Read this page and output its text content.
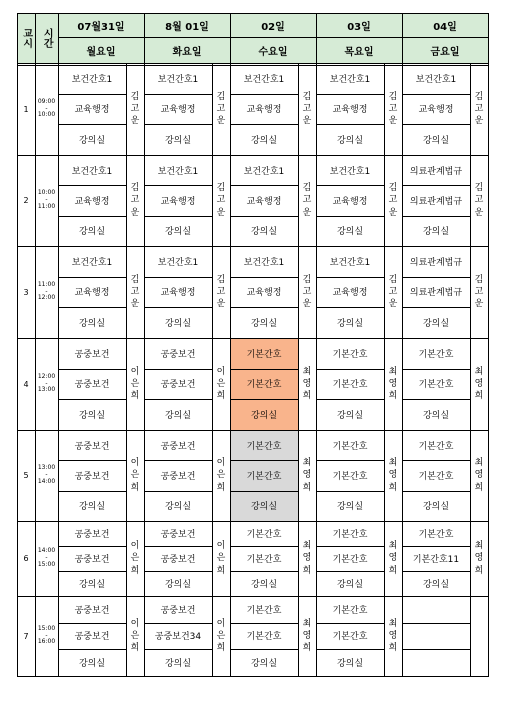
교시 시간
07월31일
월요일
8월 01일
화요일
02일
수요일
03일
목요일
04일
금요일
1
09:00
-
10:00
보건간호1
교육행정
강의실
김
고
운
보건간호1
교육행정
강의실
김
고
운
보건간호1
교육행정
강의실
김
고
운
보건간호1
교육행정
강의실
김
고
운
보건간호1
교육행정
강의실
김
고
운
2
10:00
-
11:00
보건간호1
교육행정
강의실
김
고
운
보건간호1
교육행정
강의실
김
고
운
보건간호1
교육행정
강의실
김
고
운
보건간호1
교육행정
강의실
김
고
운
의료관계법규
의료관계법규
강의실
김
고
운
3
11:00
-
12:00
보건간호1
교육행정
강의실
김
고
운
보건간호1
교육행정
강의실
김
고
운
보건간호1
교육행정
강의실
김
고
운
보건간호1
교육행정
강의실
김
고
운
의료관계법규
의료관계법규
강의실
김
고
운
4
12:00
-
13:00
공중보건
공중보건
강의실
이
은
희
공중보건
공중보건
강의실
이
은
희
기본간호
기본간호
강의실
최
영
희
기본간호
기본간호
강의실
최
영
희
기본간호
기본간호
강의실
최
영
희
5
13:00
-
14:00
공중보건
공중보건
강의실
이
은
희
공중보건
공중보건
강의실
이
은
희
기본간호
기본간호
강의실
최
영
희
기본간호
기본간호
강의실
최
영
희
기본간호
기본간호
강의실
최
영
희
6
14:00
-
15:00
공중보건
공중보건
강의실
이
은
희
공중보건
공중보건
강의실
이
은
희
기본간호
기본간호
강의실
최
영
희
기본간호
기본간호
강의실
최
영
희
기본간호
기본간호11
강의실
최
영
희
7
15:00
-
16:00
공중보건
공중보건
강의실
이
은
희
공중보건
공중보건34
강의실
이
은
희
기본간호
기본간호
강의실
최
영
희
기본간호
기본간호
강의실
최
영
희
